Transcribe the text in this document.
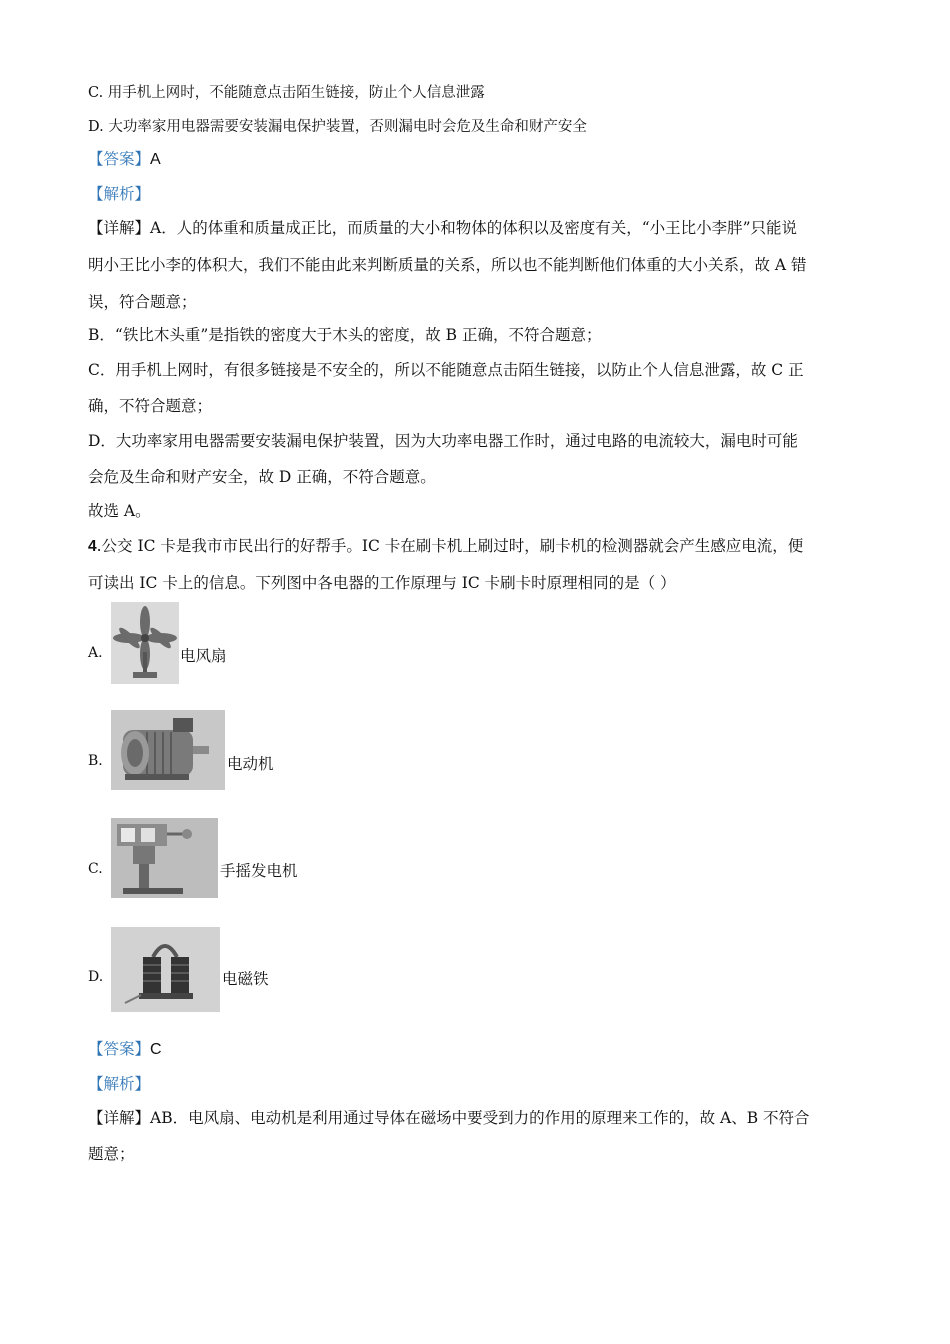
C. 用手机上网时，不能随意点击陌生链接，防止个人信息泄露
D. 大功率家用电器需要安装漏电保护装置，否则漏电时会危及生命和财产安全
【答案】A
【解析】
【详解】A．人的体重和质量成正比，而质量的大小和物体的体积以及密度有关，“小王比小李胖”只能说
明小王比小李的体积大，我们不能由此来判断质量的关系，所以也不能判断他们体重的大小关系，故 A 错
误，符合题意；
B．“铁比木头重”是指铁的密度大于木头的密度，故 B 正确，不符合题意；
C．用手机上网时，有很多链接是不安全的，所以不能随意点击陌生链接，以防止个人信息泄露，故 C 正
确，不符合题意；
D．大功率家用电器需要安装漏电保护装置，因为大功率电器工作时，通过电路的电流较大，漏电时可能
会危及生命和财产安全，故 D 正确，不符合题意。
故选 A。
4.公交 IC 卡是我市市民出行的好帮手。IC 卡在刷卡机上刷过时，刷卡机的检测器就会产生感应电流，便
可读出 IC 卡上的信息。下列图中各电器的工作原理与 IC 卡刷卡时原理相同的是（ ）
A.	电风扇
B.	电动机
C.	手摇发电机
D.	电磁铁
【答案】C
【解析】
【详解】AB．电风扇、电动机是利用通过导体在磁场中要受到力的作用的原理来工作的，故 A、B 不符合
题意；
